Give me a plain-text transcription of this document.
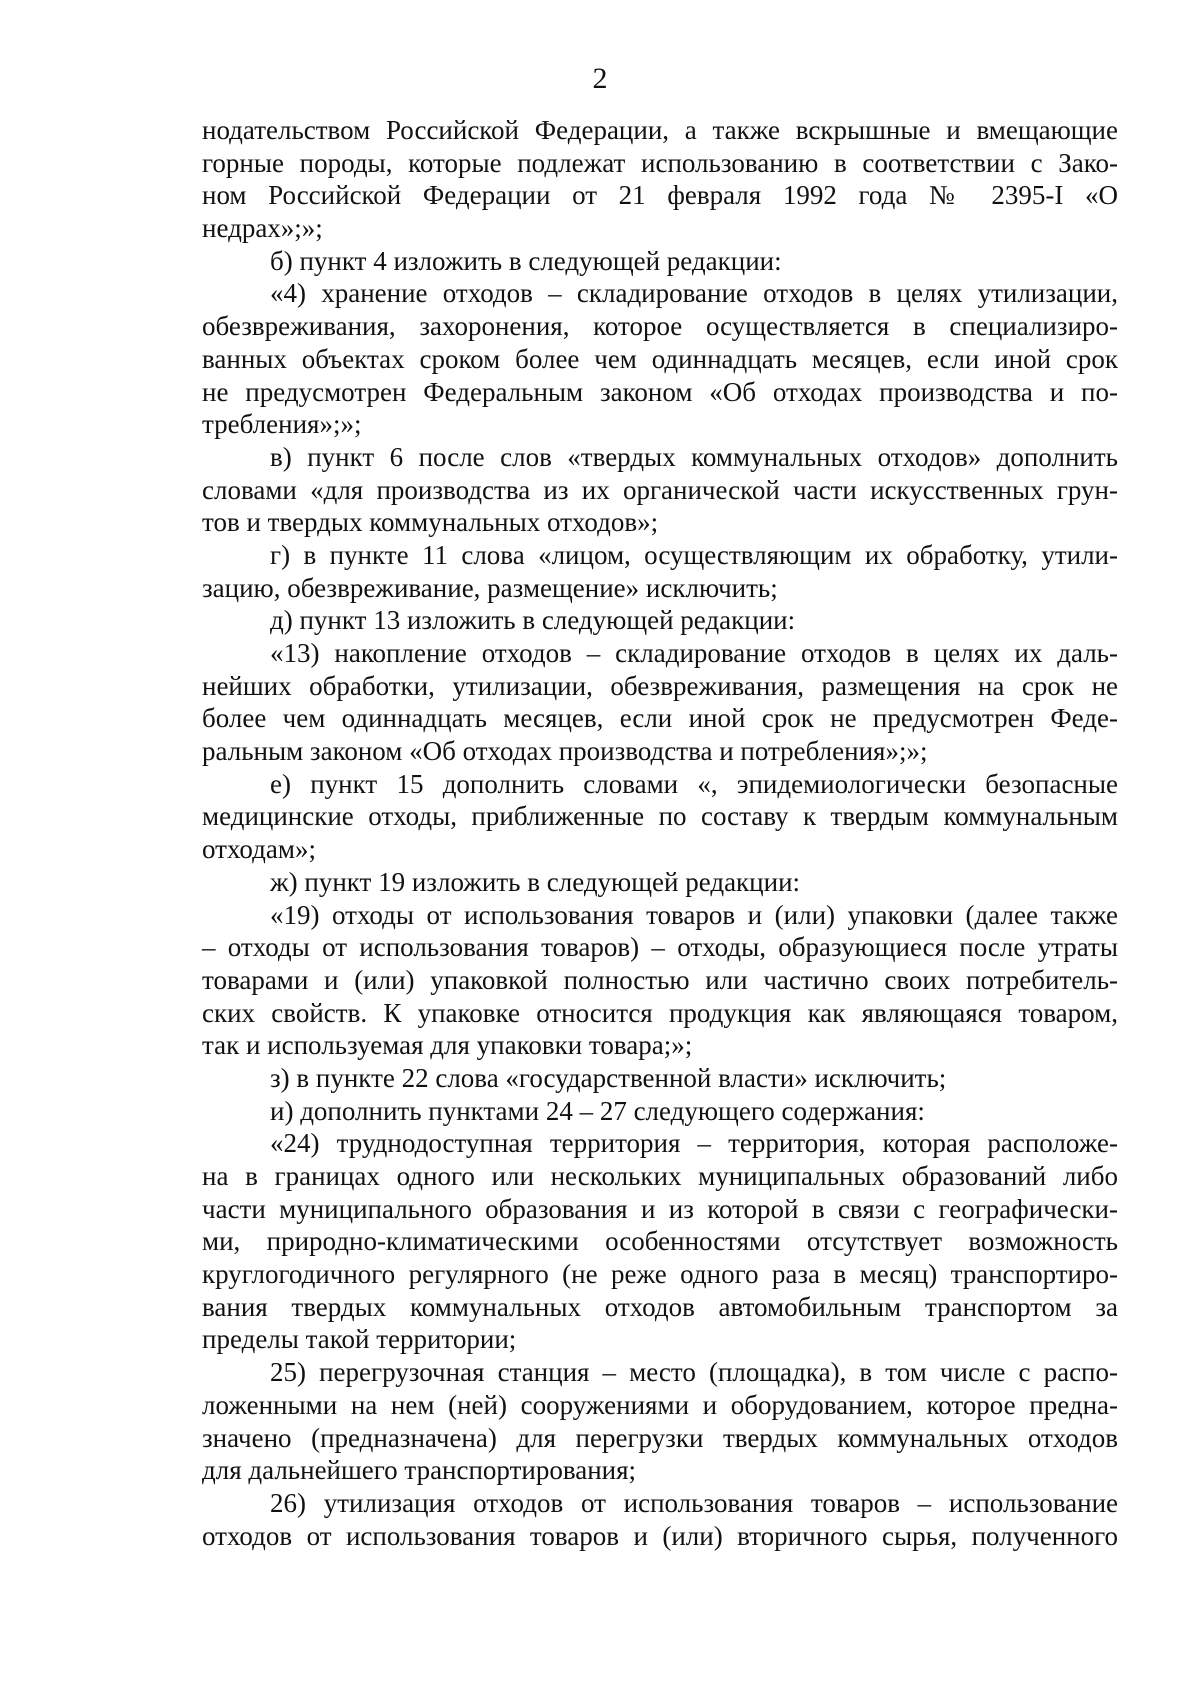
2
нодательством Российской Федерации, а также вскрышные и вмещающие
горные породы, которые подлежат использованию в соответствии с Зако-
ном Российской Федерации от 21 февраля 1992 года № 2395-I «О
недрах»;»;
б) пункт 4 изложить в следующей редакции:
«4) хранение отходов – складирование отходов в целях утилизации,
обезвреживания, захоронения, которое осуществляется в специализиро-
ванных объектах сроком более чем одиннадцать месяцев, если иной срок
не предусмотрен Федеральным законом «Об отходах производства и по-
требления»;»;
в) пункт 6 после слов «твердых коммунальных отходов» дополнить
словами «для производства из их органической части искусственных грун-
тов и твердых коммунальных отходов»;
г) в пункте 11 слова «лицом, осуществляющим их обработку, утили-
зацию, обезвреживание, размещение» исключить;
д) пункт 13 изложить в следующей редакции:
«13) накопление отходов – складирование отходов в целях их даль-
нейших обработки, утилизации, обезвреживания, размещения на срок не
более чем одиннадцать месяцев, если иной срок не предусмотрен Феде-
ральным законом «Об отходах производства и потребления»;»;
е) пункт 15 дополнить словами «, эпидемиологически безопасные
медицинские отходы, приближенные по составу к твердым коммунальным
отходам»;
ж) пункт 19 изложить в следующей редакции:
«19) отходы от использования товаров и (или) упаковки (далее также
– отходы от использования товаров) – отходы, образующиеся после утраты
товарами и (или) упаковкой полностью или частично своих потребитель-
ских свойств. К упаковке относится продукция как являющаяся товаром,
так и используемая для упаковки товара;»;
з) в пункте 22 слова «государственной власти» исключить;
и) дополнить пунктами 24 – 27 следующего содержания:
«24) труднодоступная территория – территория, которая расположе-
на в границах одного или нескольких муниципальных образований либо
части муниципального образования и из которой в связи с географически-
ми, природно-климатическими особенностями отсутствует возможность
круглогодичного регулярного (не реже одного раза в месяц) транспортиро-
вания твердых коммунальных отходов автомобильным транспортом за
пределы такой территории;
25) перегрузочная станция – место (площадка), в том числе с распо-
ложенными на нем (ней) сооружениями и оборудованием, которое предна-
значено (предназначена) для перегрузки твердых коммунальных отходов
для дальнейшего транспортирования;
26) утилизация отходов от использования товаров – использование
отходов от использования товаров и (или) вторичного сырья, полученного
